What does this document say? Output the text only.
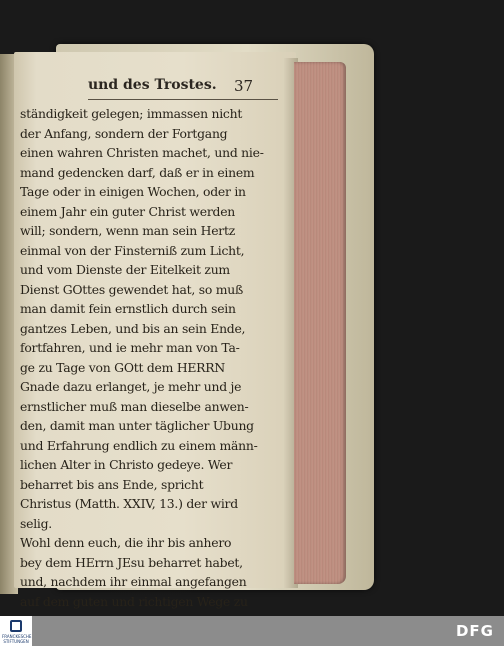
und des Trostes. 37
ständigkeit gelegen; immassen nicht
der Anfang, sondern der Fortgang
einen wahren Christen machet, und nie-
mand gedencken darf, daß er in einem
Tage oder in einigen Wochen, oder in
einem Jahr ein guter Christ werden
will; sondern, wenn man sein Hertz
einmal von der Finsterniß zum Licht,
und vom Dienste der Eitelkeit zum
Dienst GOttes gewendet hat, so muß
man damit fein ernstlich durch sein
gantzes Leben, und bis an sein Ende,
fortfahren, und ie mehr man von Ta-
ge zu Tage von GOtt dem HERRN
Gnade dazu erlanget, je mehr und je
ernstlicher muß man dieselbe anwen-
den, damit man unter täglicher Ubung
und Erfahrung endlich zu einem männ-
lichen Alter in Christo gedeye. Wer
beharret bis ans Ende, spricht
Christus (Matth. XXIV, 13.) der wird
selig.
Wohl denn euch, die ihr bis anhero
bey dem HErrn JEsu beharret habet,
und, nachdem ihr einmal angefangen
auf dem guten und richtigen Wege zu
FRANCKESCHE STIFTUNGEN
DFG
